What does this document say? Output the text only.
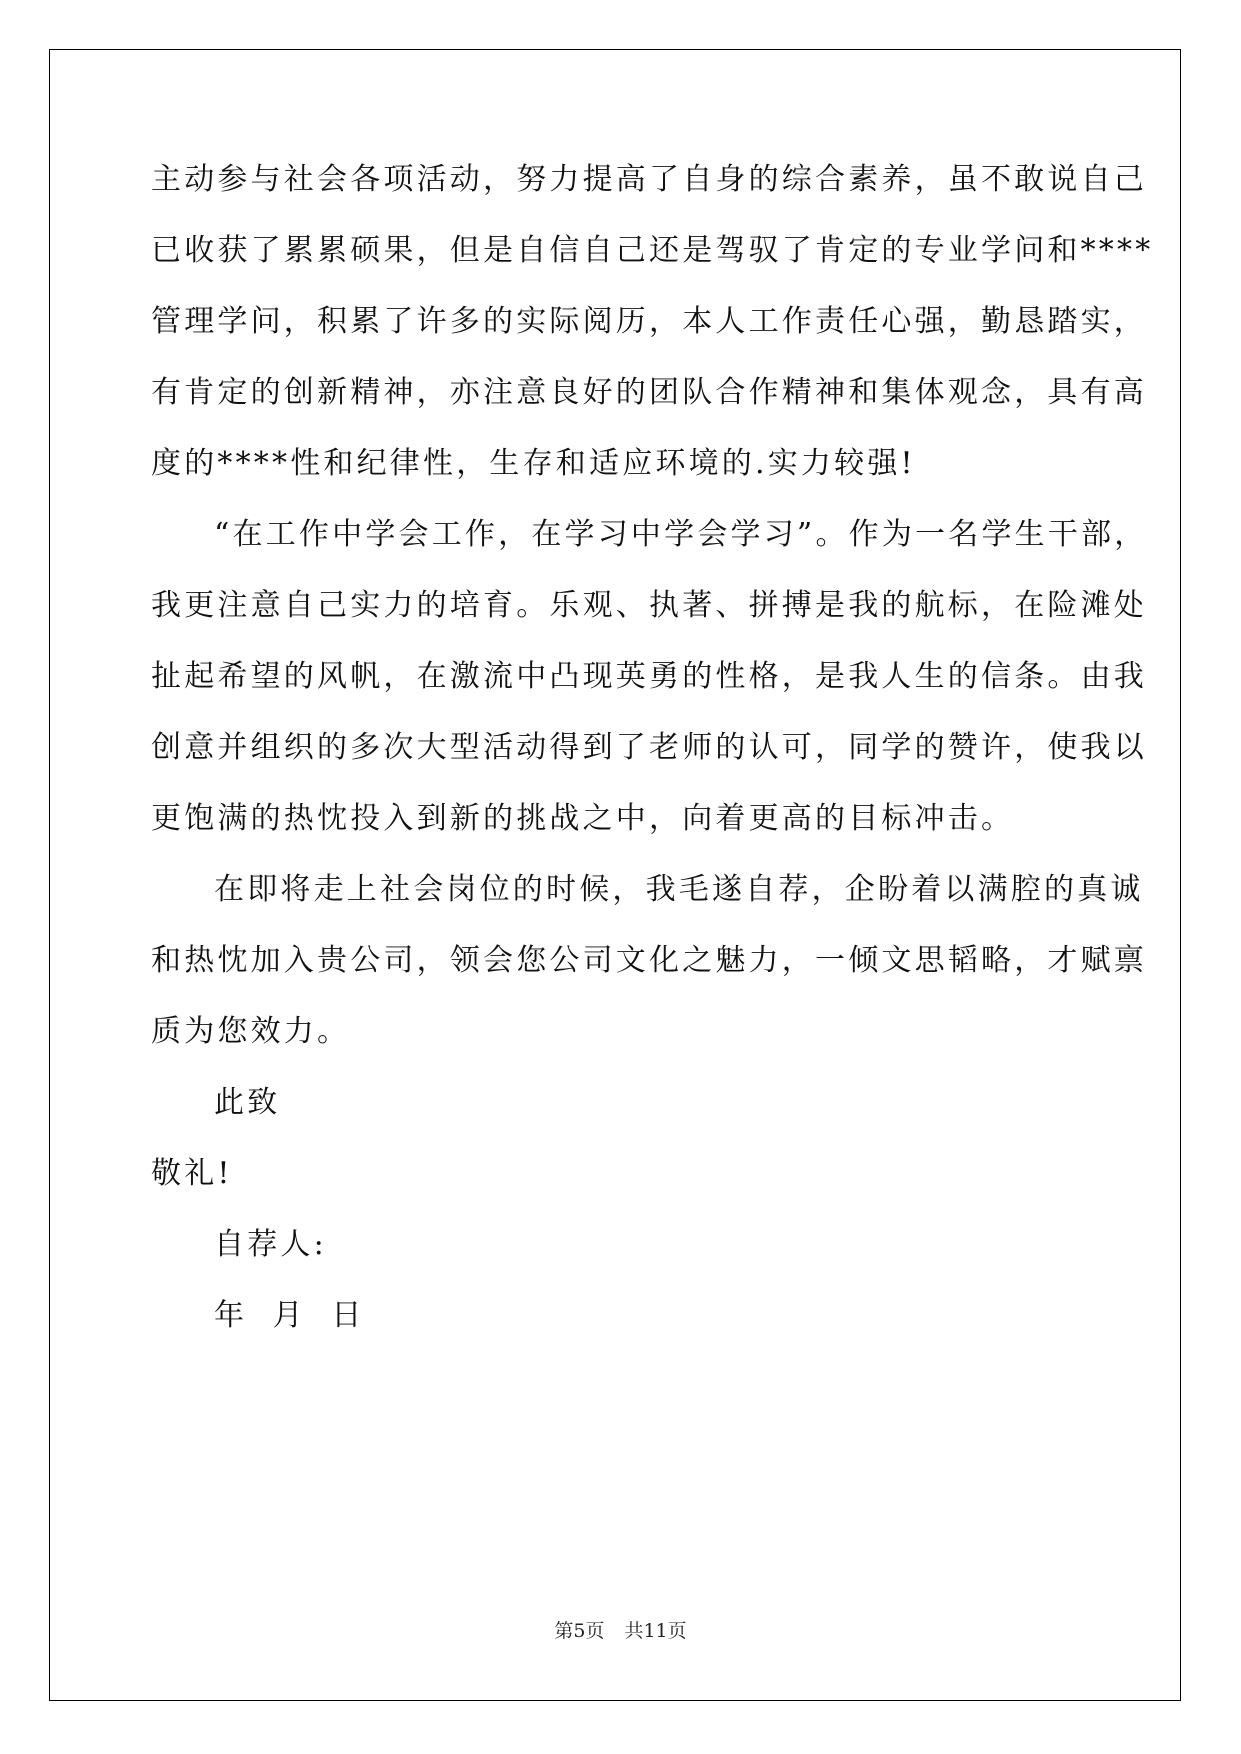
主动参与社会各项活动，努力提高了自身的综合素养，虽不敢说自己
已收获了累累硕果，但是自信自己还是驾驭了肯定的专业学问和****
管理学问，积累了许多的实际阅历，本人工作责任心强，勤恳踏实，
有肯定的创新精神，亦注意良好的团队合作精神和集体观念，具有高
度的****性和纪律性，生存和适应环境的.实力较强!
“在工作中学会工作，在学习中学会学习”。作为一名学生干部，
我更注意自己实力的培育。乐观、执著、拼搏是我的航标，在险滩处
扯起希望的风帆，在激流中凸现英勇的性格，是我人生的信条。由我
创意并组织的多次大型活动得到了老师的认可，同学的赞许，使我以
更饱满的热忱投入到新的挑战之中，向着更高的目标冲击。
在即将走上社会岗位的时候，我毛遂自荐，企盼着以满腔的真诚
和热忱加入贵公司，领会您公司文化之魅力，一倾文思韬略，才赋禀
质为您效力。
此致
敬礼!
自荐人:
年  月  日
第5页 共11页
